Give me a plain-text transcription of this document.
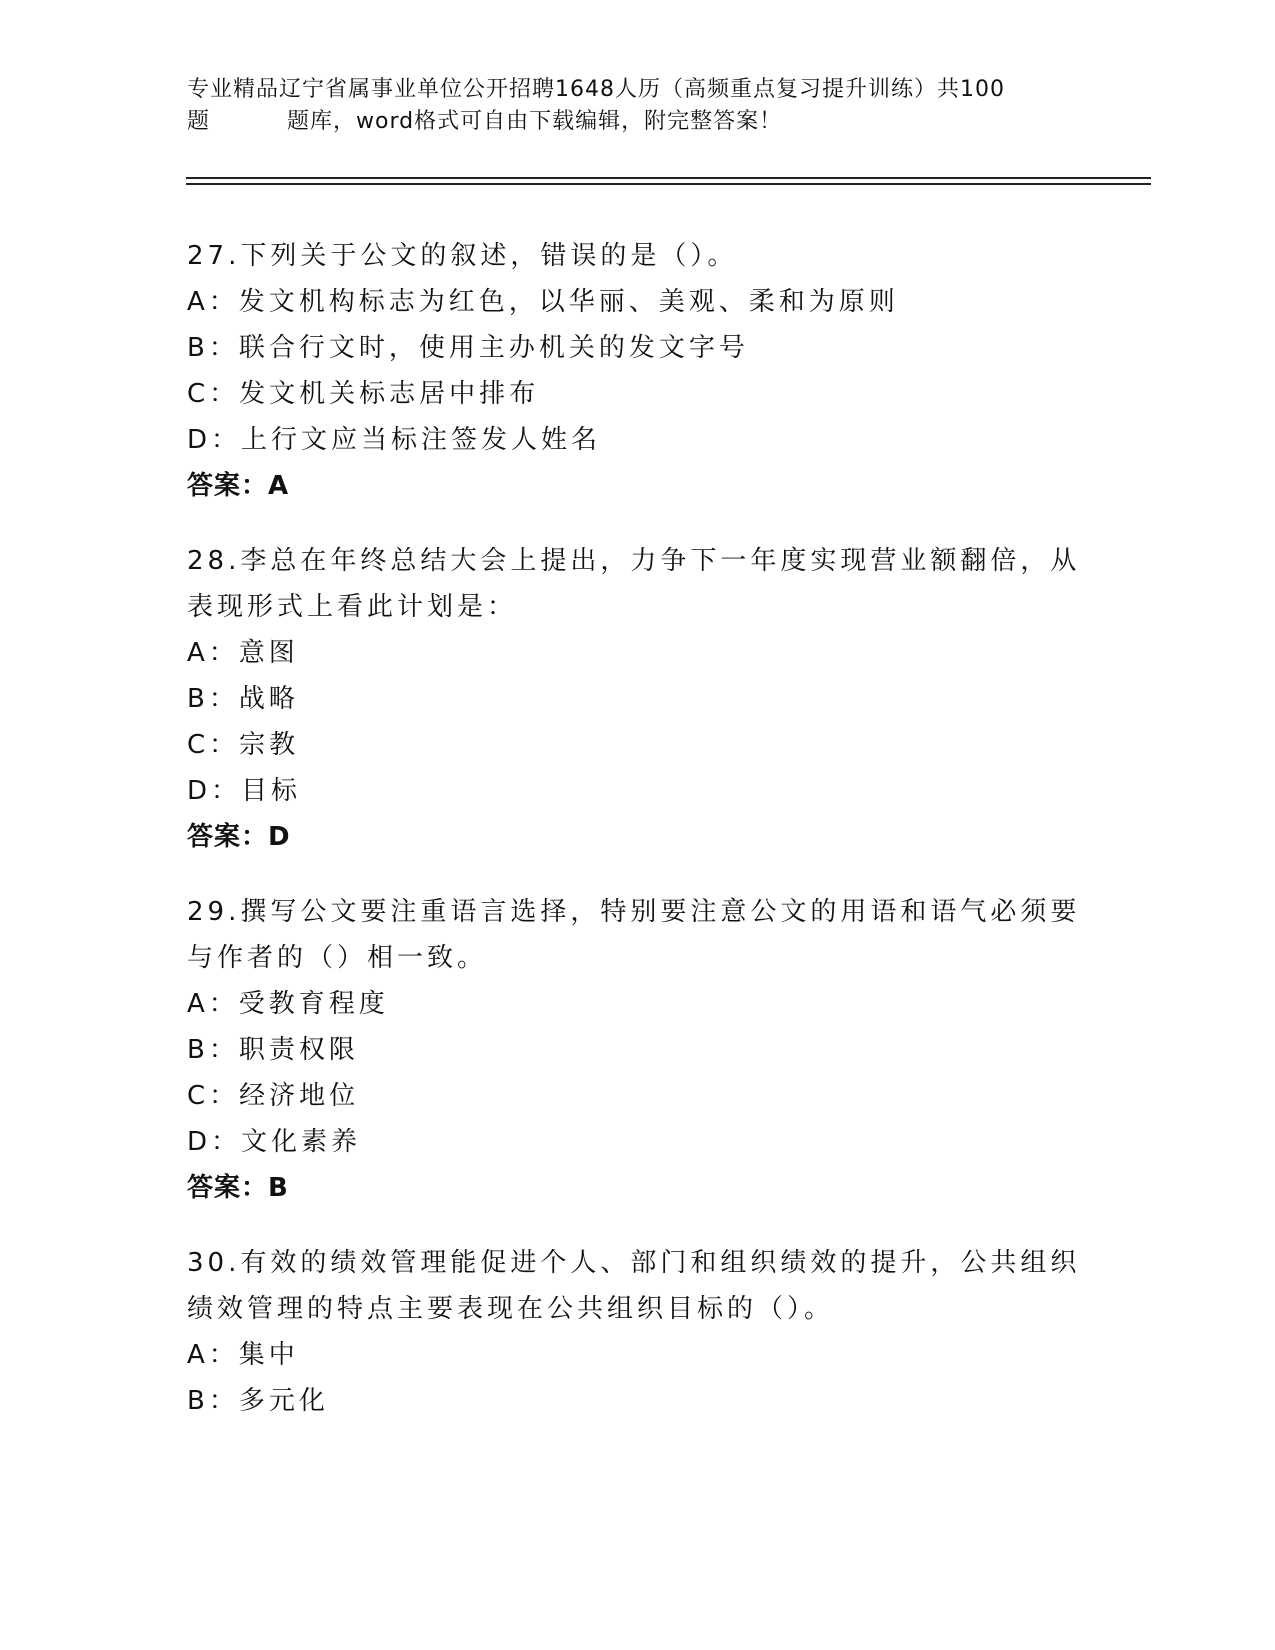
专业精品辽宁省属事业单位公开招聘1648人历（高频重点复习提升训练）共100
题	题库，word格式可自由下载编辑，附完整答案！
27.下列关于公文的叙述，错误的是（）。
A：发文机构标志为红色，以华丽、美观、柔和为原则
B：联合行文时，使用主办机关的发文字号
C：发文机关标志居中排布
D：上行文应当标注签发人姓名
答案：A
28.李总在年终总结大会上提出，力争下一年度实现营业额翻倍，从表现形式上看此计划是：
A：意图
B：战略
C：宗教
D：目标
答案：D
29.撰写公文要注重语言选择，特别要注意公文的用语和语气必须要与作者的（）相一致。
A：受教育程度
B：职责权限
C：经济地位
D：文化素养
答案：B
30.有效的绩效管理能促进个人、部门和组织绩效的提升，公共组织绩效管理的特点主要表现在公共组织目标的（）。
A：集中
B：多元化
